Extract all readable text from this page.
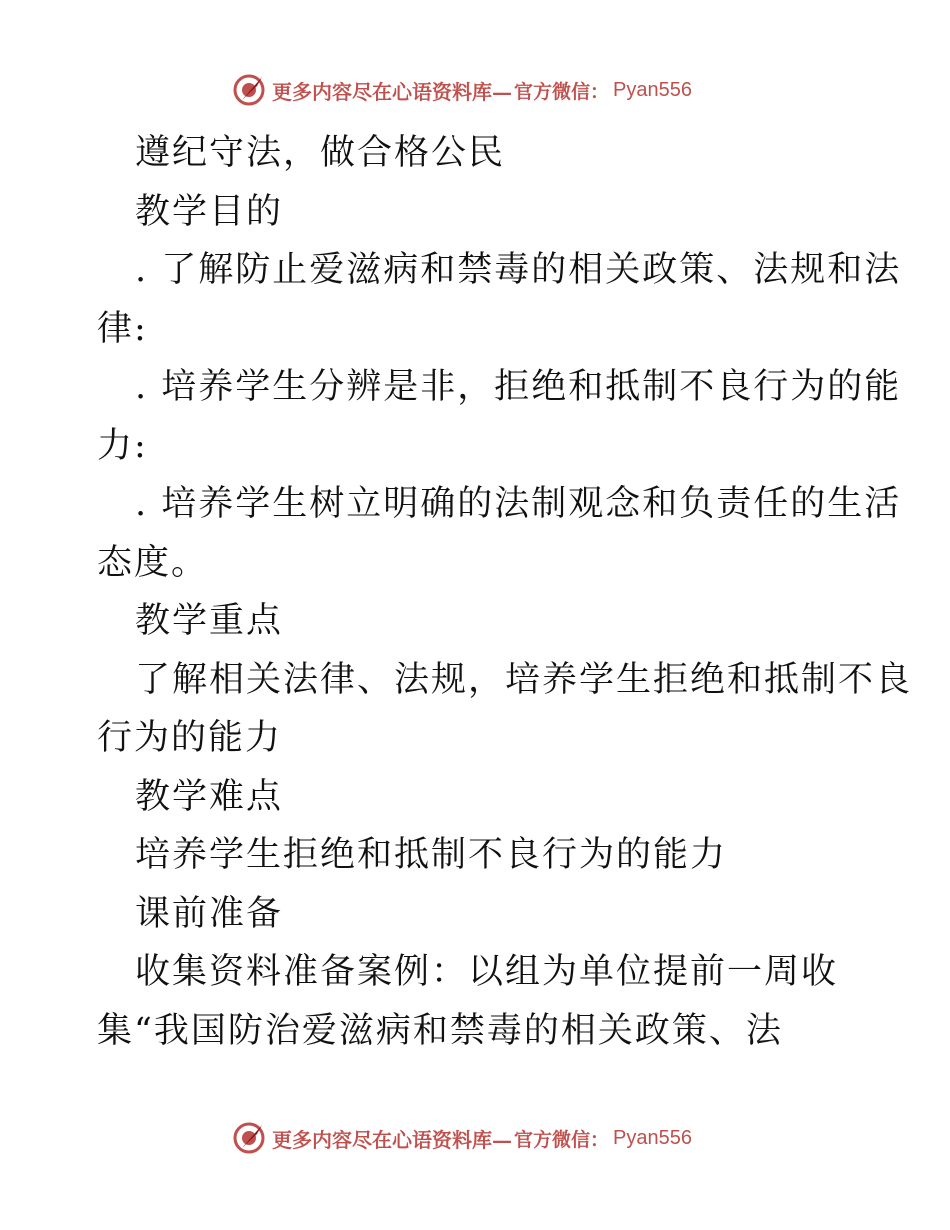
更多内容尽在心语资料库— 官方微信： Pyan556
遵纪守法，做合格公民
教学目的
. 了解防止爱滋病和禁毒的相关政策、法规和法
律:
. 培养学生分辨是非，拒绝和抵制不良行为的能
力:
. 培养学生树立明确的法制观念和负责任的生活
态度。
教学重点
了解相关法律、法规，培养学生拒绝和抵制不良
行为的能力
教学难点
培养学生拒绝和抵制不良行为的能力
课前准备
收集资料准备案例：以组为单位提前一周收
集“我国防治爱滋病和禁毒的相关政策、法
更多内容尽在心语资料库— 官方微信： Pyan556
